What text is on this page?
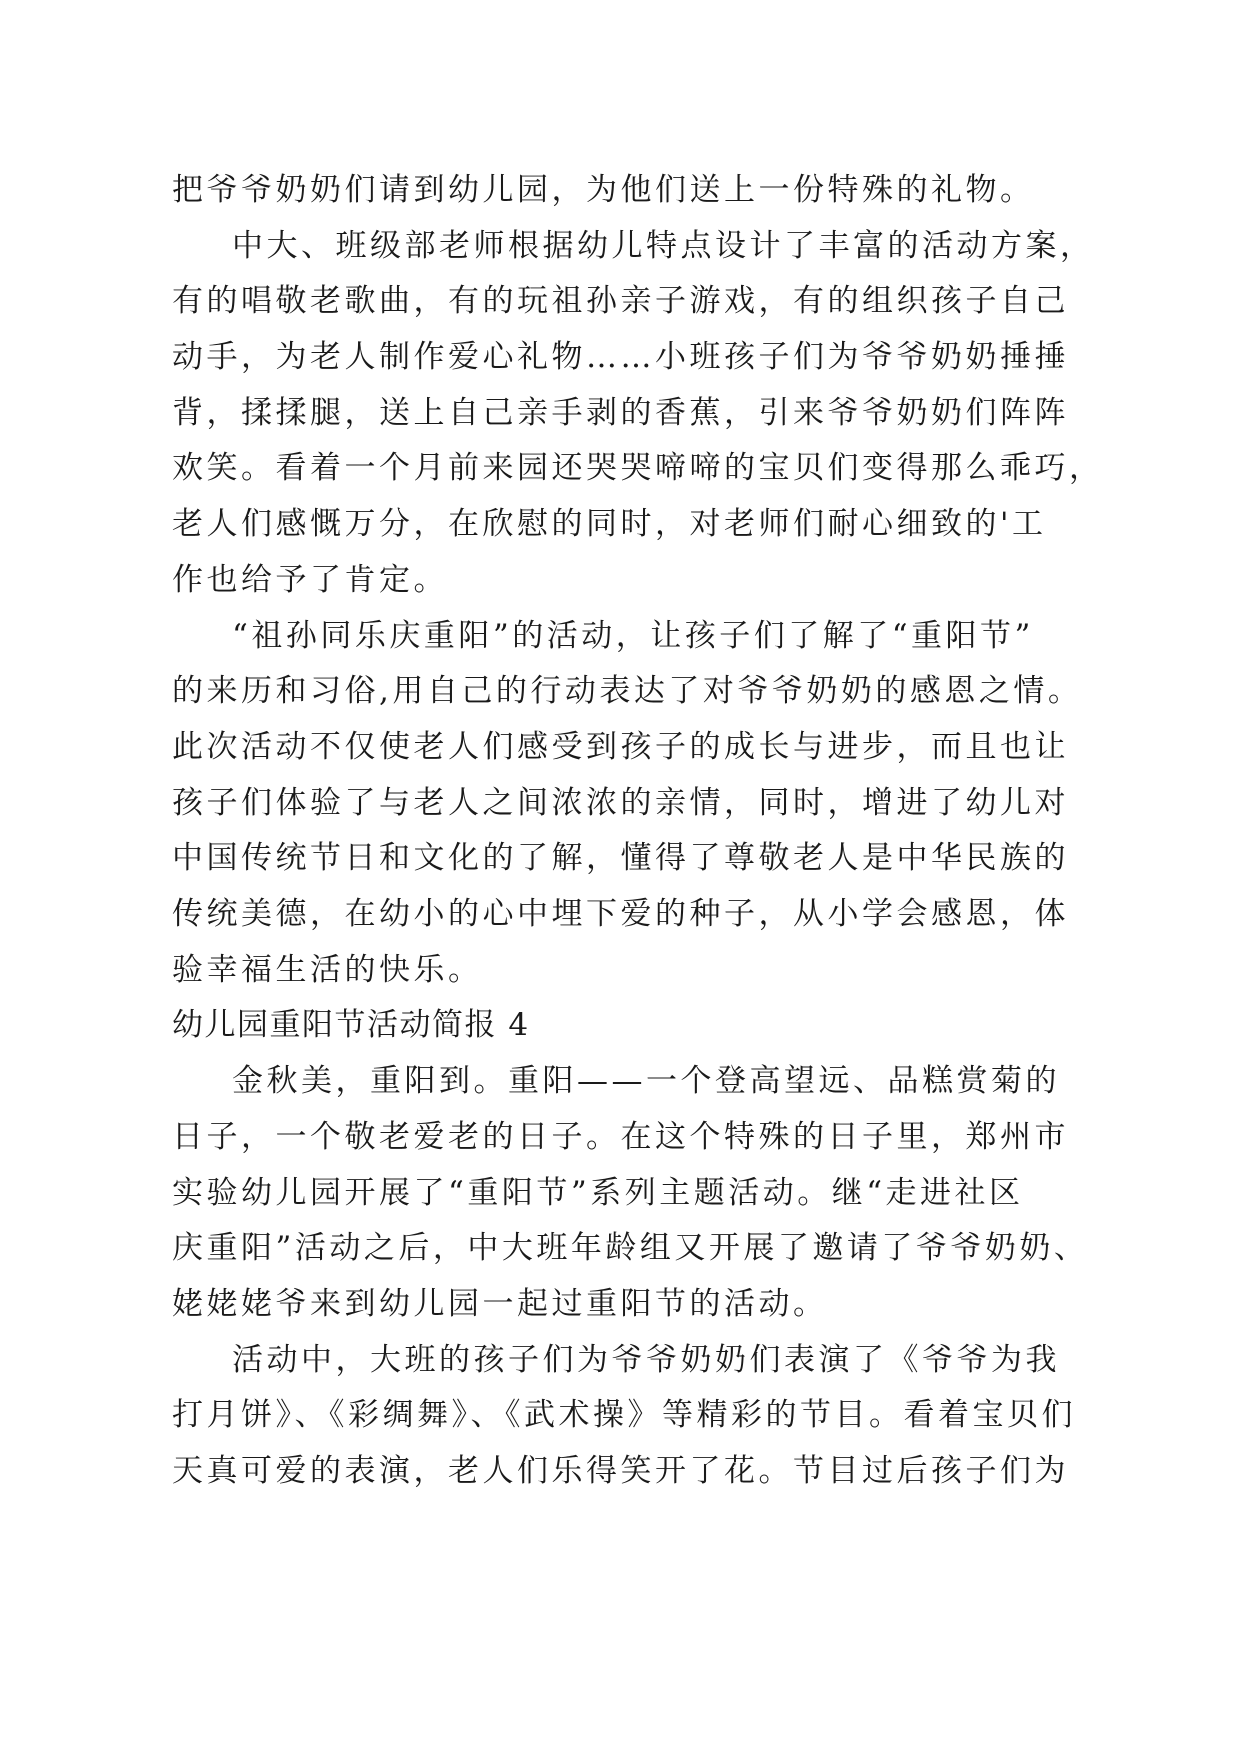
把爷爷奶奶们请到幼儿园，为他们送上一份特殊的礼物。
中大、班级部老师根据幼儿特点设计了丰富的活动方案，
有的唱敬老歌曲，有的玩祖孙亲子游戏，有的组织孩子自己
动手，为老人制作爱心礼物……小班孩子们为爷爷奶奶捶捶
背，揉揉腿，送上自己亲手剥的香蕉，引来爷爷奶奶们阵阵
欢笑。看着一个月前来园还哭哭啼啼的宝贝们变得那么乖巧，
老人们感慨万分，在欣慰的同时，对老师们耐心细致的'工
作也给予了肯定。
“祖孙同乐庆重阳”的活动，让孩子们了解了“重阳节”
的来历和习俗,用自己的行动表达了对爷爷奶奶的感恩之情。
此次活动不仅使老人们感受到孩子的成长与进步，而且也让
孩子们体验了与老人之间浓浓的亲情，同时，增进了幼儿对
中国传统节日和文化的了解，懂得了尊敬老人是中华民族的
传统美德，在幼小的心中埋下爱的种子，从小学会感恩，体
验幸福生活的快乐。
幼儿园重阳节活动简报 4
金秋美，重阳到。重阳——一个登高望远、品糕赏菊的
日子，一个敬老爱老的日子。在这个特殊的日子里，郑州市
实验幼儿园开展了“重阳节”系列主题活动。继“走进社区
庆重阳”活动之后，中大班年龄组又开展了邀请了爷爷奶奶、
姥姥姥爷来到幼儿园一起过重阳节的活动。
活动中，大班的孩子们为爷爷奶奶们表演了《爷爷为我
打月饼》、《彩绸舞》、《武术操》等精彩的节目。看着宝贝们
天真可爱的表演，老人们乐得笑开了花。节目过后孩子们为
